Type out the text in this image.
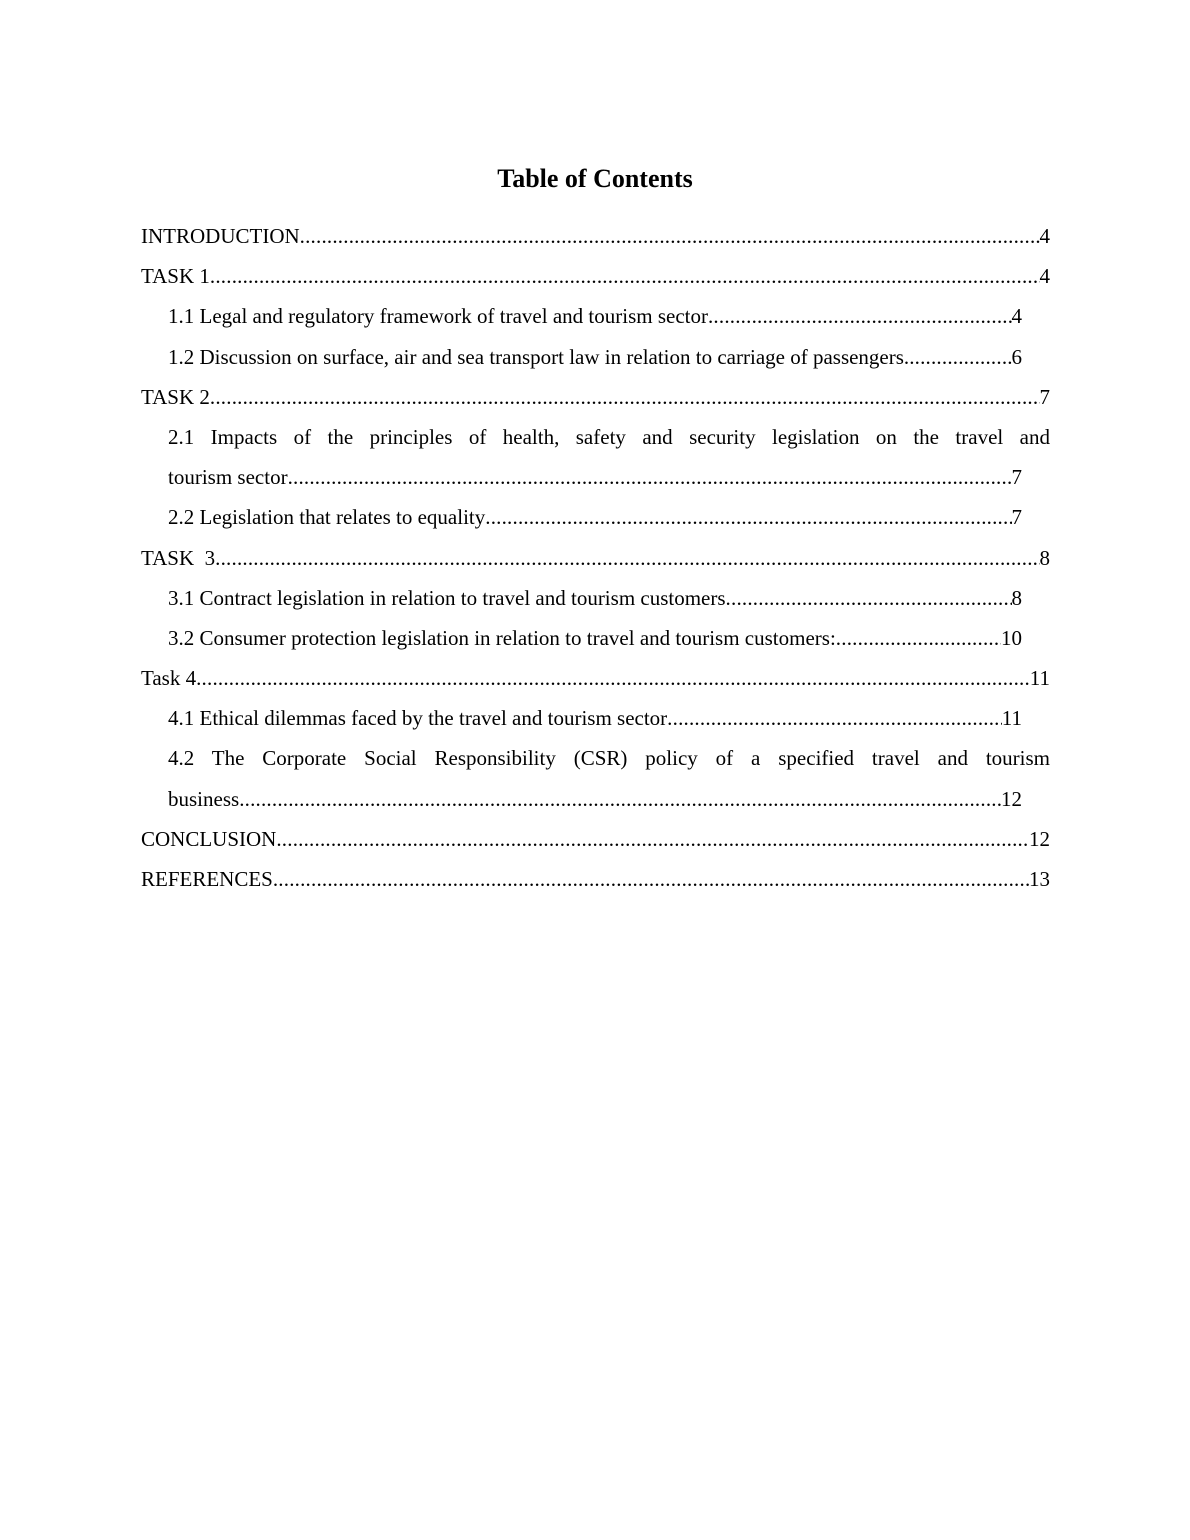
Table of Contents
INTRODUCTION .....	4
TASK 1 .....	4
1.1 Legal and regulatory framework of travel and tourism sector .....	4
1.2 Discussion on surface, air and sea transport law in relation to carriage of passengers. .....	6
TASK 2 .....	7
2.1 Impacts of the principles of health, safety and security legislation on the travel and
tourism sector .....	7
2.2 Legislation that relates to equality .....	7
TASK  3 .....	8
3.1 Contract legislation in relation to travel and tourism customers .....	8
3.2 Consumer protection legislation in relation to travel and tourism customers: .....	10
Task 4 .....	11
4.1 Ethical dilemmas faced by the travel and tourism sector .....	11
4.2 The Corporate Social Responsibility (CSR) policy of a specified travel and tourism
business .....	12
CONCLUSION .....	12
REFERENCES .....	13
